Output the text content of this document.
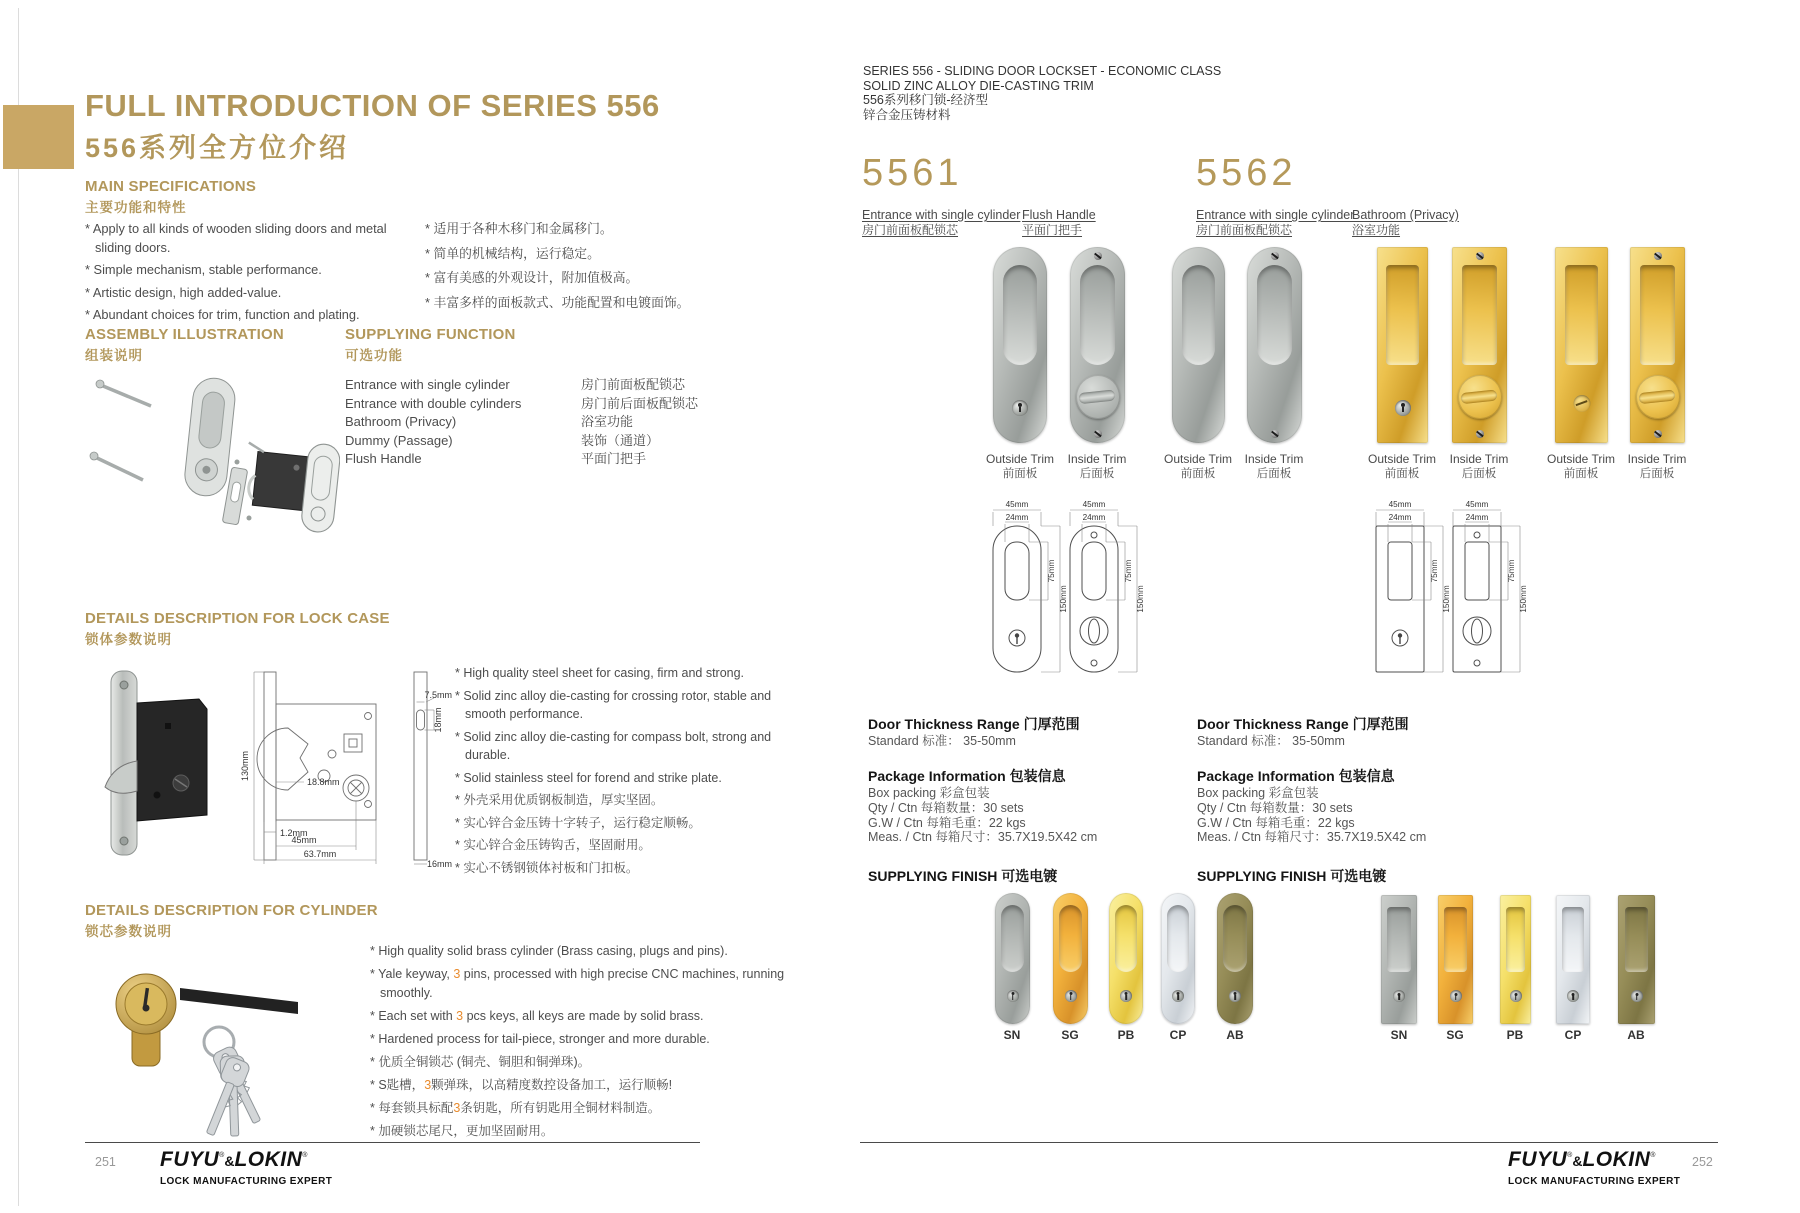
FULL INTRODUCTION OF SERIES 556
556系列全方位介绍
MAIN SPECIFICATIONS
主要功能和特性
* Apply to all kinds of wooden sliding doors and metal sliding doors.
* Simple mechanism, stable performance.
* Artistic design, high added-value.
* Abundant choices for trim, function and plating.
* 适用于各种木移门和金属移门。
* 简单的机械结构，运行稳定。
* 富有美感的外观设计，附加值极高。
* 丰富多样的面板款式、功能配置和电镀面饰。
ASSEMBLY ILLUSTRATION
组装说明
SUPPLYING FUNCTION
可选功能
Entrance with single cylinder	房门前面板配锁芯
Entrance with double cylinders	房门前后面板配锁芯
Bathroom (Privacy)	浴室功能
Dummy (Passage)	装饰（通道）
Flush Handle	平面门把手
DETAILS DESCRIPTION FOR LOCK CASE
锁体参数说明
130mm
18.8mm
1.2mm
45mm
63.7mm
7.5mm
18mm
16mm
* High quality steel sheet for casing, firm and strong.
* Solid zinc alloy die-casting for crossing rotor, stable and smooth performance.
* Solid zinc alloy die-casting for compass bolt, strong and durable.
* Solid stainless steel for forend and strike plate.
* 外壳采用优质钢板制造，厚实坚固。
* 实心锌合金压铸十字转子，运行稳定顺畅。
* 实心锌合金压铸钩舌，坚固耐用。
* 实心不锈钢锁体衬板和门扣板。
DETAILS DESCRIPTION FOR CYLINDER
锁芯参数说明
* High quality solid brass cylinder (Brass casing, plugs and pins).
* Yale keyway, 3 pins, processed with high precise CNC machines, running smoothly.
* Each set with 3 pcs keys, all keys are made by solid brass.
* Hardened process for tail-piece, stronger and more durable.
* 优质全铜锁芯 (铜壳、铜胆和铜弹珠)。
* S匙槽，3颗弹珠，以高精度数控设备加工，运行顺畅!
* 每套锁具标配3条钥匙，所有钥匙用全铜材料制造。
* 加硬锁芯尾尺，更加坚固耐用。
251 FUYU®&LOKIN®
LOCK MANUFACTURING EXPERT
SERIES 556 - SLIDING DOOR LOCKSET - ECONOMIC CLASS
SOLID ZINC ALLOY DIE-CASTING TRIM
556系列移门锁-经济型
锌合金压铸材料
5561	5562
Entrance with single cylinder
房门前面板配锁芯
Flush Handle
平面门把手
Entrance with single cylinder
房门前面板配锁芯
Bathroom (Privacy)
浴室功能
Outside Trim
前面板
Inside Trim
后面板
Outside Trim
前面板
Inside Trim
后面板
Outside Trim
前面板
Inside Trim
后面板
Outside Trim
前面板
Inside Trim
后面板
45mm
24mm
75mm
150mm
45mm
24mm
75mm
150mm
45mm
24mm
75mm
150mm
45mm
24mm
75mm
150mm
Door Thickness Range 门厚范围
Standard 标准： 35-50mm
Package Information 包装信息
Box packing 彩盒包装
Qty / Ctn 每箱数量：30 sets
G.W / Ctn 每箱毛重：22 kgs
Meas. / Ctn 每箱尺寸：35.7X19.5X42 cm
SUPPLYING FINISH 可选电镀
Door Thickness Range 门厚范围
Standard 标准： 35-50mm
Package Information 包装信息
Box packing 彩盒包装
Qty / Ctn 每箱数量：30 sets
G.W / Ctn 每箱毛重：22 kgs
Meas. / Ctn 每箱尺寸：35.7X19.5X42 cm
SUPPLYING FINISH 可选电镀
SN	SG	PB	CP	AB	SN	SG	PB	CP	AB
FUYU®&LOKIN®
LOCK MANUFACTURING EXPERT
252
